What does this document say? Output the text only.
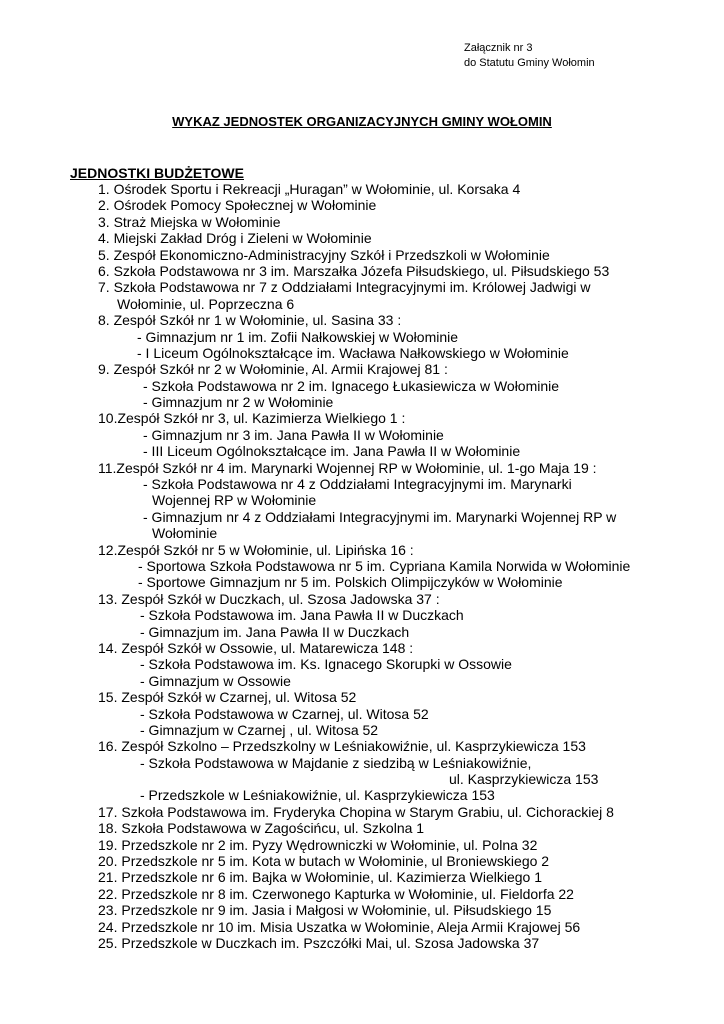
Załącznik nr 3
do Statutu Gminy Wołomin
WYKAZ JEDNOSTEK ORGANIZACYJNYCH GMINY WOŁOMIN
JEDNOSTKI BUDŻETOWE
1. Ośrodek Sportu i Rekreacji „Huragan” w Wołominie, ul. Korsaka 4
2. Ośrodek Pomocy Społecznej w Wołominie
3. Straż Miejska w Wołominie
4. Miejski Zakład Dróg i Zieleni w Wołominie
5. Zespół Ekonomiczno-Administracyjny Szkół i Przedszkoli w Wołominie
6. Szkoła Podstawowa nr 3 im. Marszałka Józefa Piłsudskiego, ul. Piłsudskiego 53
7. Szkoła Podstawowa nr 7 z Oddziałami Integracyjnymi im. Królowej Jadwigi w
Wołominie, ul. Poprzeczna 6
8. Zespół Szkół nr 1 w Wołominie, ul. Sasina 33 :
- Gimnazjum nr 1 im. Zofii Nałkowskiej w Wołominie
- I Liceum Ogólnokształcące im. Wacława Nałkowskiego w Wołominie
9. Zespół Szkół nr 2 w Wołominie, Al. Armii Krajowej 81 :
- Szkoła Podstawowa nr 2 im. Ignacego Łukasiewicza w Wołominie
- Gimnazjum nr 2 w Wołominie
10.Zespół Szkół nr 3, ul. Kazimierza Wielkiego 1 :
- Gimnazjum nr 3 im. Jana Pawła II w Wołominie
- III Liceum Ogólnokształcące im. Jana Pawła II w Wołominie
11.Zespół Szkół nr 4 im. Marynarki Wojennej RP w Wołominie, ul. 1-go Maja 19 :
- Szkoła Podstawowa nr 4 z Oddziałami Integracyjnymi im. Marynarki
Wojennej RP w Wołominie
- Gimnazjum nr 4 z Oddziałami Integracyjnymi im. Marynarki Wojennej RP w
Wołominie
12.Zespół Szkół nr 5 w Wołominie, ul. Lipińska 16 :
- Sportowa Szkoła Podstawowa nr 5 im. Cypriana Kamila Norwida w Wołominie
- Sportowe Gimnazjum nr 5 im. Polskich Olimpijczyków w Wołominie
13. Zespół Szkół w Duczkach, ul. Szosa Jadowska 37 :
- Szkoła Podstawowa im. Jana Pawła II w Duczkach
- Gimnazjum im. Jana Pawła II w Duczkach
14. Zespół Szkół w Ossowie, ul. Matarewicza 148 :
- Szkoła Podstawowa im. Ks. Ignacego Skorupki w Ossowie
- Gimnazjum w Ossowie
15. Zespół Szkół w Czarnej, ul. Witosa 52
- Szkoła Podstawowa w Czarnej, ul. Witosa 52
- Gimnazjum w Czarnej , ul. Witosa 52
16. Zespół Szkolno – Przedszkolny w Leśniakowiźnie, ul. Kasprzykiewicza 153
- Szkoła Podstawowa w Majdanie z siedzibą w Leśniakowiźnie,
ul. Kasprzykiewicza 153
- Przedszkole w Leśniakowiźnie, ul. Kasprzykiewicza 153
17. Szkoła Podstawowa im. Fryderyka Chopina w Starym Grabiu, ul. Cichorackiej 8
18. Szkoła Podstawowa w Zagościńcu, ul. Szkolna 1
19. Przedszkole nr 2 im. Pyzy Wędrowniczki w Wołominie, ul. Polna 32
20. Przedszkole nr 5 im. Kota w butach w Wołominie, ul Broniewskiego 2
21. Przedszkole nr 6 im. Bajka w Wołominie, ul. Kazimierza Wielkiego 1
22. Przedszkole nr 8 im. Czerwonego Kapturka w Wołominie, ul. Fieldorfa 22
23. Przedszkole nr 9 im. Jasia i Małgosi w Wołominie, ul. Piłsudskiego 15
24. Przedszkole nr 10 im. Misia Uszatka w Wołominie, Aleja Armii Krajowej 56
25. Przedszkole w Duczkach im. Pszczółki Mai, ul. Szosa Jadowska 37
